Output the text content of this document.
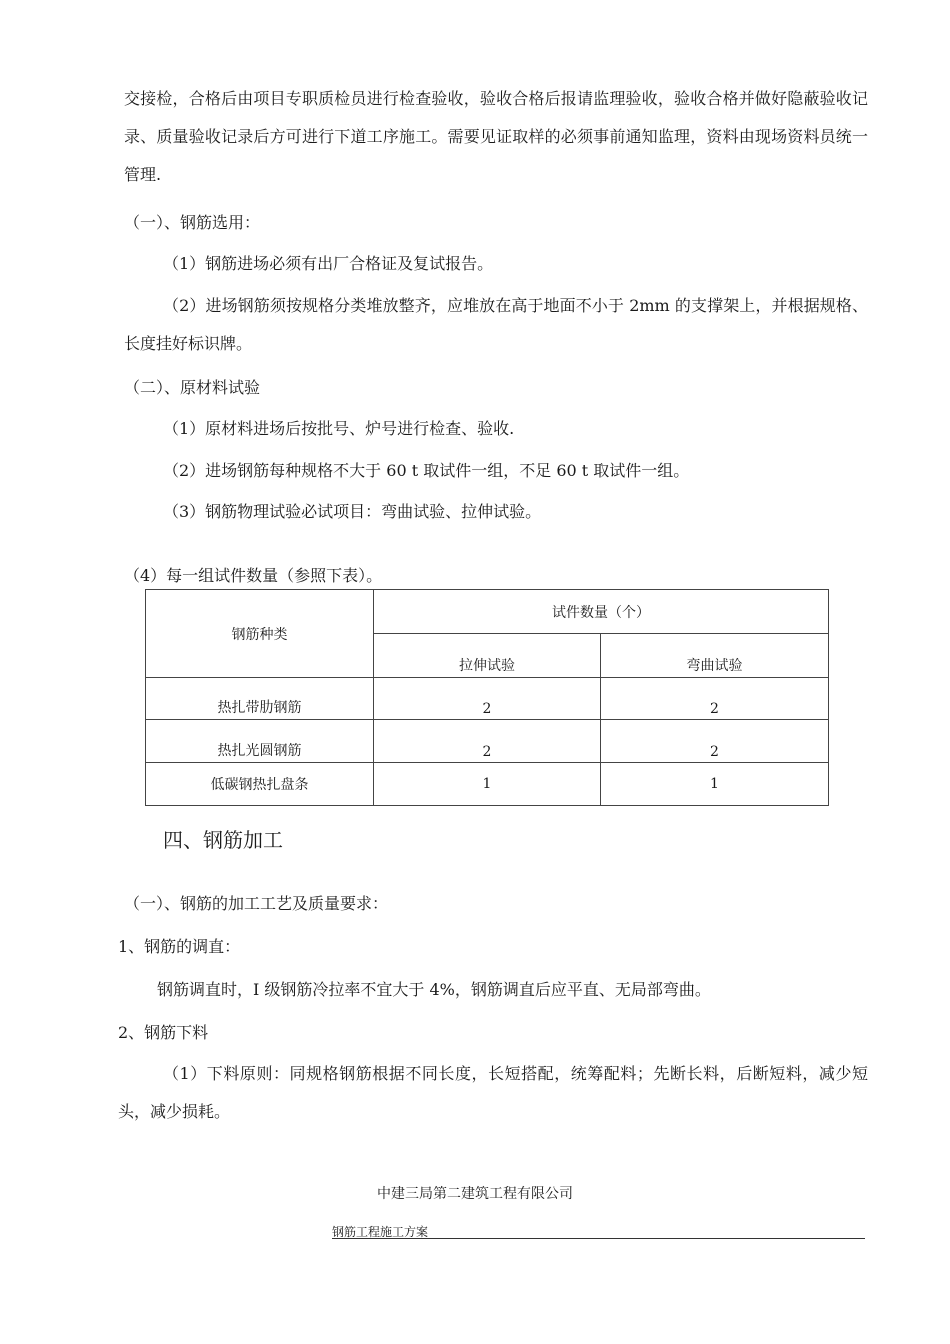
交接检，合格后由项目专职质检员进行检查验收，验收合格后报请监理验收，验收合格并做好隐蔽验收记录、质量验收记录后方可进行下道工序施工。需要见证取样的必须事前通知监理，资料由现场资料员统一管理.
（一）、钢筋选用：
（1）钢筋进场必须有出厂合格证及复试报告。
（2）进场钢筋须按规格分类堆放整齐，应堆放在高于地面不小于 2mm 的支撑架上，并根据规格、长度挂好标识牌。
（二）、原材料试验
（1）原材料进场后按批号、炉号进行检查、验收.
（2）进场钢筋每种规格不大于 60 t 取试件一组，不足 60 t 取试件一组。
（3）钢筋物理试验必试项目：弯曲试验、拉伸试验。
（4）每一组试件数量（参照下表）。
钢筋种类	试件数量（个）	
	拉伸试验	弯曲试验
热扎带肋钢筋	2	2
热扎光圆钢筋	2	2
低碳钢热扎盘条	1	1
四、钢筋加工
（一）、钢筋的加工工艺及质量要求：
1、钢筋的调直：
钢筋调直时，I 级钢筋冷拉率不宜大于 4%，钢筋调直后应平直、无局部弯曲。
2、钢筋下料
（1）下料原则：同规格钢筋根据不同长度，长短搭配，统筹配料；先断长料，后断短料，减少短头，减少损耗。
中建三局第二建筑工程有限公司
钢筋工程施工方案
